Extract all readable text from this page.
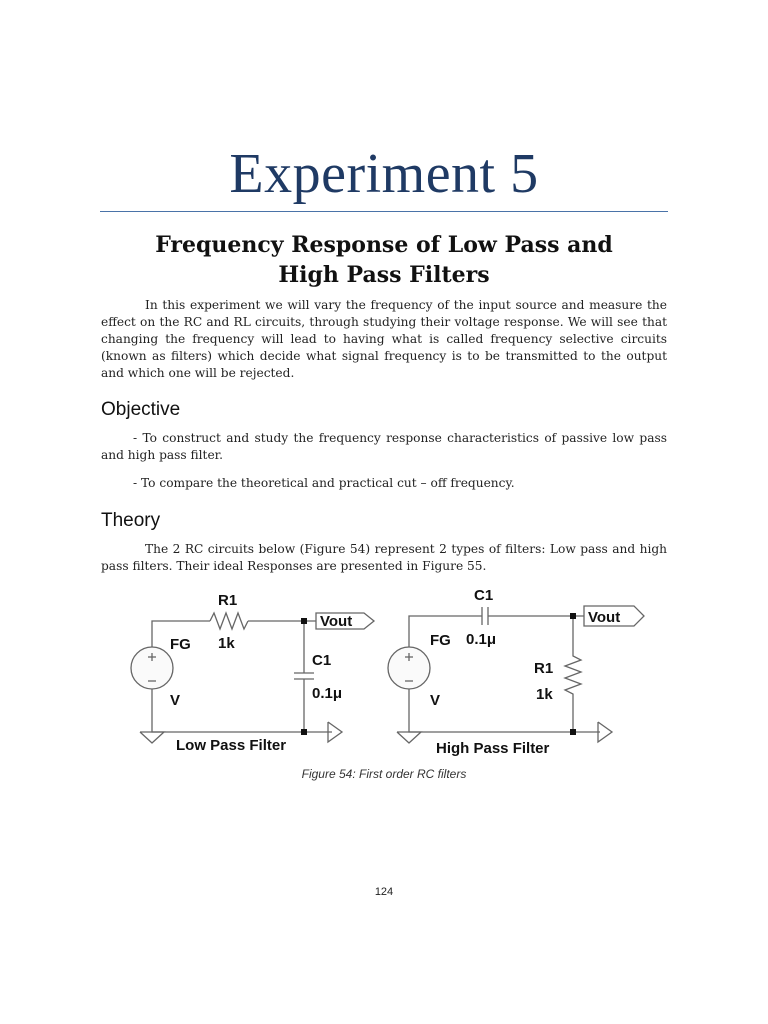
Experiment 5
Frequency Response of Low Pass and
High Pass Filters
In this experiment we will vary the frequency of the input source and measure the effect on the RC and RL circuits, through studying their voltage response. We will see that changing the frequency will lead to having what is called frequency selective circuits (known as filters) which decide what signal frequency is to be transmitted to the output and which one will be rejected.
Objective
- To construct and study the frequency response characteristics of passive low pass and high pass filter.
- To compare the theoretical and practical cut – off frequency.
Theory
The 2 RC circuits below (Figure 54) represent 2 types of filters: Low pass and high pass filters. Their ideal Responses are presented in Figure 55.
R1
1k
FG
V
C1
0.1μ
Vout
Low Pass Filter
C1
0.1μ
FG
V
R1
1k
Vout
High Pass Filter
Figure 54: First order RC filters
124
